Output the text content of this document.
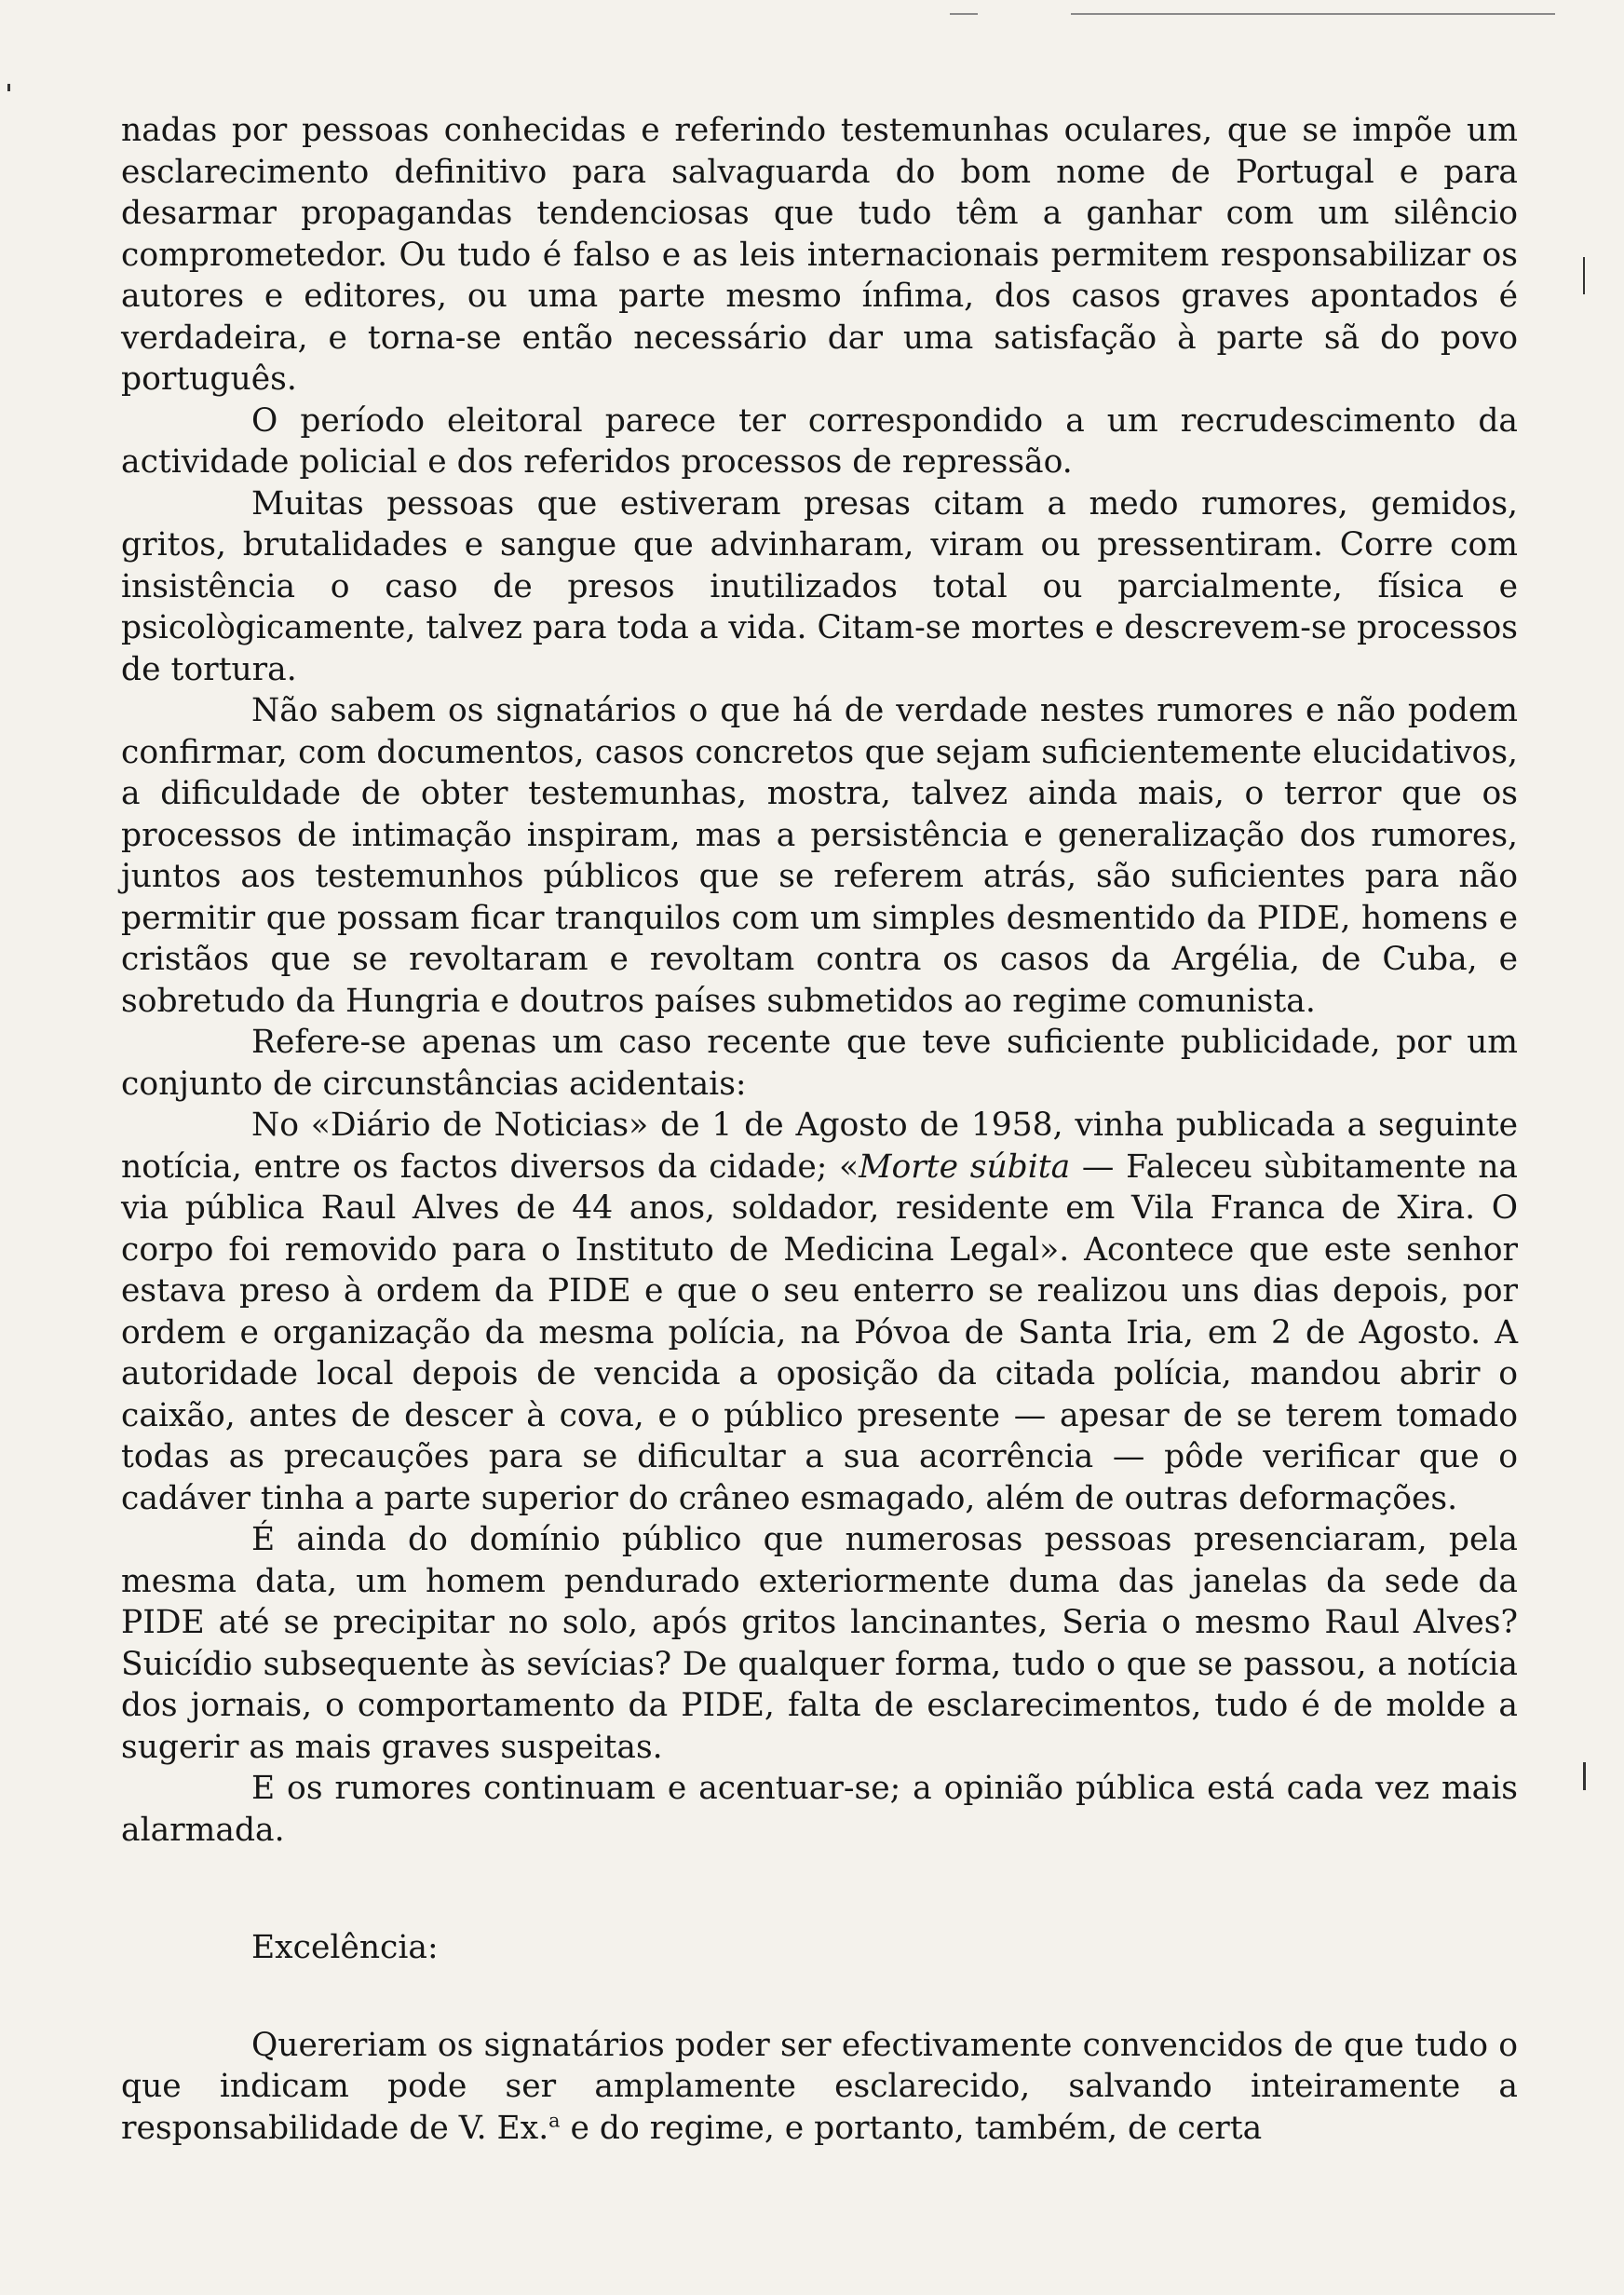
nadas por pessoas conhecidas e referindo testemunhas oculares, que se impõe um esclarecimento definitivo para salvaguarda do bom nome de Portugal e para desarmar propagandas tendenciosas que tudo têm a ganhar com um silêncio comprometedor. Ou tudo é falso e as leis internacionais permitem responsabilizar os autores e editores, ou uma parte mesmo ínfima, dos casos graves apontados é verdadeira, e torna-se então necessário dar uma satisfação à parte sã do povo português.

O período eleitoral parece ter correspondido a um recrudescimento da actividade policial e dos referidos processos de repressão.

Muitas pessoas que estiveram presas citam a medo rumores, gemidos, gritos, brutalidades e sangue que advinharam, viram ou pressentiram. Corre com insistência o caso de presos inutilizados total ou parcialmente, física e psicològicamente, talvez para toda a vida. Citam-se mortes e descrevem-se processos de tortura.

Não sabem os signatários o que há de verdade nestes rumores e não podem confirmar, com documentos, casos concretos que sejam suficientemente elucidativos, a dificuldade de obter testemunhas, mostra, talvez ainda mais, o terror que os processos de intimação inspiram, mas a persistência e generalização dos rumores, juntos aos testemunhos públicos que se referem atrás, são suficientes para não permitir que possam ficar tranquilos com um simples desmentido da PIDE, homens e cristãos que se revoltaram e revoltam contra os casos da Argélia, de Cuba, e sobretudo da Hungria e doutros países submetidos ao regime comunista.

Refere-se apenas um caso recente que teve suficiente publicidade, por um conjunto de circunstâncias acidentais:

No «Diário de Noticias» de 1 de Agosto de 1958, vinha publicada a seguinte notícia, entre os factos diversos da cidade; «Morte súbita — Faleceu sùbitamente na via pública Raul Alves de 44 anos, soldador, residente em Vila Franca de Xira. O corpo foi removido para o Instituto de Medicina Legal». Acontece que este senhor estava preso à ordem da PIDE e que o seu enterro se realizou uns dias depois, por ordem e organização da mesma polícia, na Póvoa de Santa Iria, em 2 de Agosto. A autoridade local depois de vencida a oposição da citada polícia, mandou abrir o caixão, antes de descer à cova, e o público presente — apesar de se terem tomado todas as precauções para se dificultar a sua acorrência — pôde verificar que o cadáver tinha a parte superior do crâneo esmagado, além de outras deformações.

É ainda do domínio público que numerosas pessoas presenciaram, pela mesma data, um homem pendurado exteriormente duma das janelas da sede da PIDE até se precipitar no solo, após gritos lancinantes, Seria o mesmo Raul Alves? Suicídio subsequente às sevícias? De qualquer forma, tudo o que se passou, a notícia dos jornais, o comportamento da PIDE, falta de esclarecimentos, tudo é de molde a sugerir as mais graves suspeitas.

E os rumores continuam e acentuar-se; a opinião pública está cada vez mais alarmada.

Excelência:

Quereriam os signatários poder ser efectivamente convencidos de que tudo o que indicam pode ser amplamente esclarecido, salvando inteiramente a responsabilidade de V. Ex.$^a$ e do regime, e portanto, também, de certa
